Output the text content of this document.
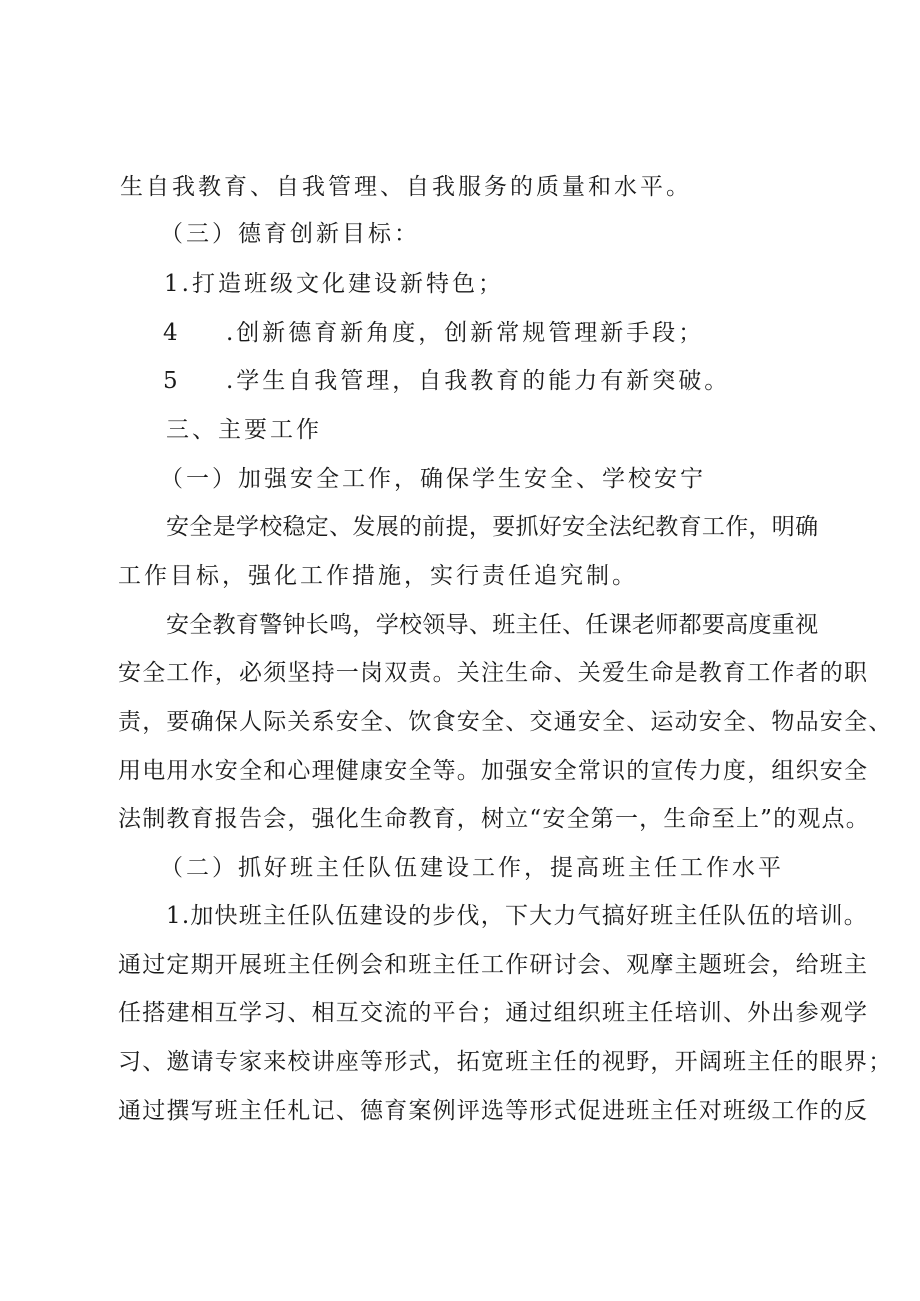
生自我教育、自我管理、自我服务的质量和水平。
（三）德育创新目标：
1.打造班级文化建设新特色；
4 .创新德育新角度，创新常规管理新手段；
5 .学生自我管理，自我教育的能力有新突破。
三、主要工作
（一）加强安全工作，确保学生安全、学校安宁
安全是学校稳定、发展的前提，要抓好安全法纪教育工作，明确
工作目标，强化工作措施，实行责任追究制。
安全教育警钟长鸣，学校领导、班主任、任课老师都要高度重视
安全工作，必须坚持一岗双责。关注生命、关爱生命是教育工作者的职
责，要确保人际关系安全、饮食安全、交通安全、运动安全、物品安全、
用电用水安全和心理健康安全等。加强安全常识的宣传力度，组织安全
法制教育报告会，强化生命教育，树立“安全第一，生命至上”的观点。
（二）抓好班主任队伍建设工作，提高班主任工作水平
1.加快班主任队伍建设的步伐，下大力气搞好班主任队伍的培训。
通过定期开展班主任例会和班主任工作研讨会、观摩主题班会，给班主
任搭建相互学习、相互交流的平台；通过组织班主任培训、外出参观学
习、邀请专家来校讲座等形式，拓宽班主任的视野，开阔班主任的眼界；
通过撰写班主任札记、德育案例评选等形式促进班主任对班级工作的反
